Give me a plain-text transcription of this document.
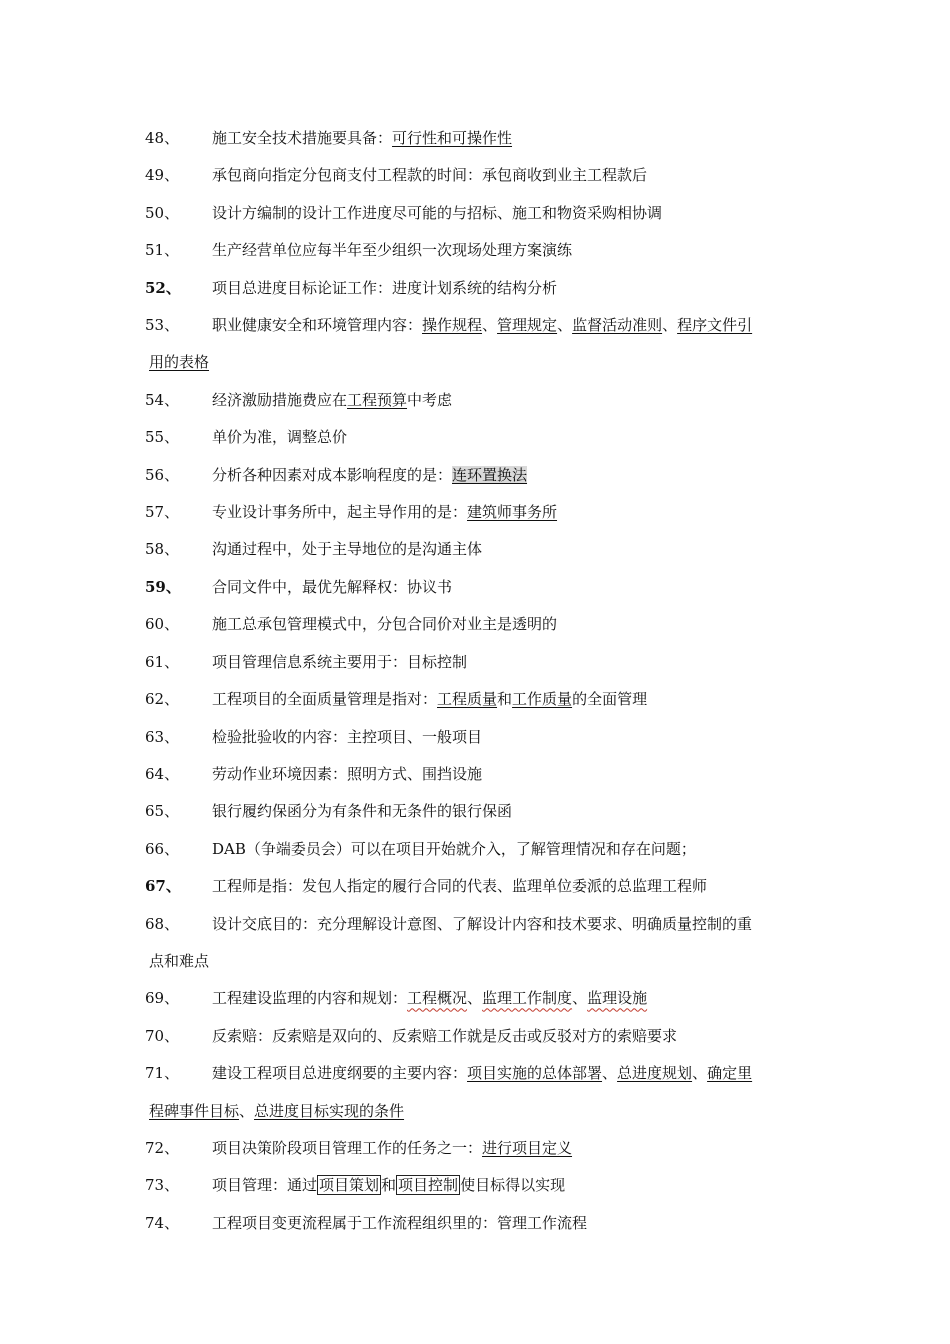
48、 施工安全技术措施要具备：可行性和可操作性
49、 承包商向指定分包商支付工程款的时间：承包商收到业主工程款后
50、 设计方编制的设计工作进度尽可能的与招标、施工和物资采购相协调
51、 生产经营单位应每半年至少组织一次现场处理方案演练
52、 项目总进度目标论证工作：进度计划系统的结构分析
53、 职业健康安全和环境管理内容：操作规程、管理规定、监督活动准则、程序文件引
用的表格
54、 经济激励措施费应在工程预算中考虑
55、 单价为准，调整总价
56、 分析各种因素对成本影响程度的是：连环置换法
57、 专业设计事务所中，起主导作用的是：建筑师事务所
58、 沟通过程中，处于主导地位的是沟通主体
59、 合同文件中，最优先解释权：协议书
60、 施工总承包管理模式中，分包合同价对业主是透明的
61、 项目管理信息系统主要用于：目标控制
62、 工程项目的全面质量管理是指对：工程质量和工作质量的全面管理
63、 检验批验收的内容：主控项目、一般项目
64、 劳动作业环境因素：照明方式、围挡设施
65、 银行履约保函分为有条件和无条件的银行保函
66、 DAB（争端委员会）可以在项目开始就介入，了解管理情况和存在问题；
67、 工程师是指：发包人指定的履行合同的代表、监理单位委派的总监理工程师
68、 设计交底目的：充分理解设计意图、了解设计内容和技术要求、明确质量控制的重
点和难点
69、 工程建设监理的内容和规划：工程概况、监理工作制度、监理设施
70、 反索赔：反索赔是双向的、反索赔工作就是反击或反驳对方的索赔要求
71、 建设工程项目总进度纲要的主要内容：项目实施的总体部署、总进度规划、确定里
程碑事件目标、总进度目标实现的条件
72、 项目决策阶段项目管理工作的任务之一：进行项目定义
73、 项目管理：通过 项目策划 和 项目控制 使目标得以实现
74、 工程项目变更流程属于工作流程组织里的：管理工作流程
